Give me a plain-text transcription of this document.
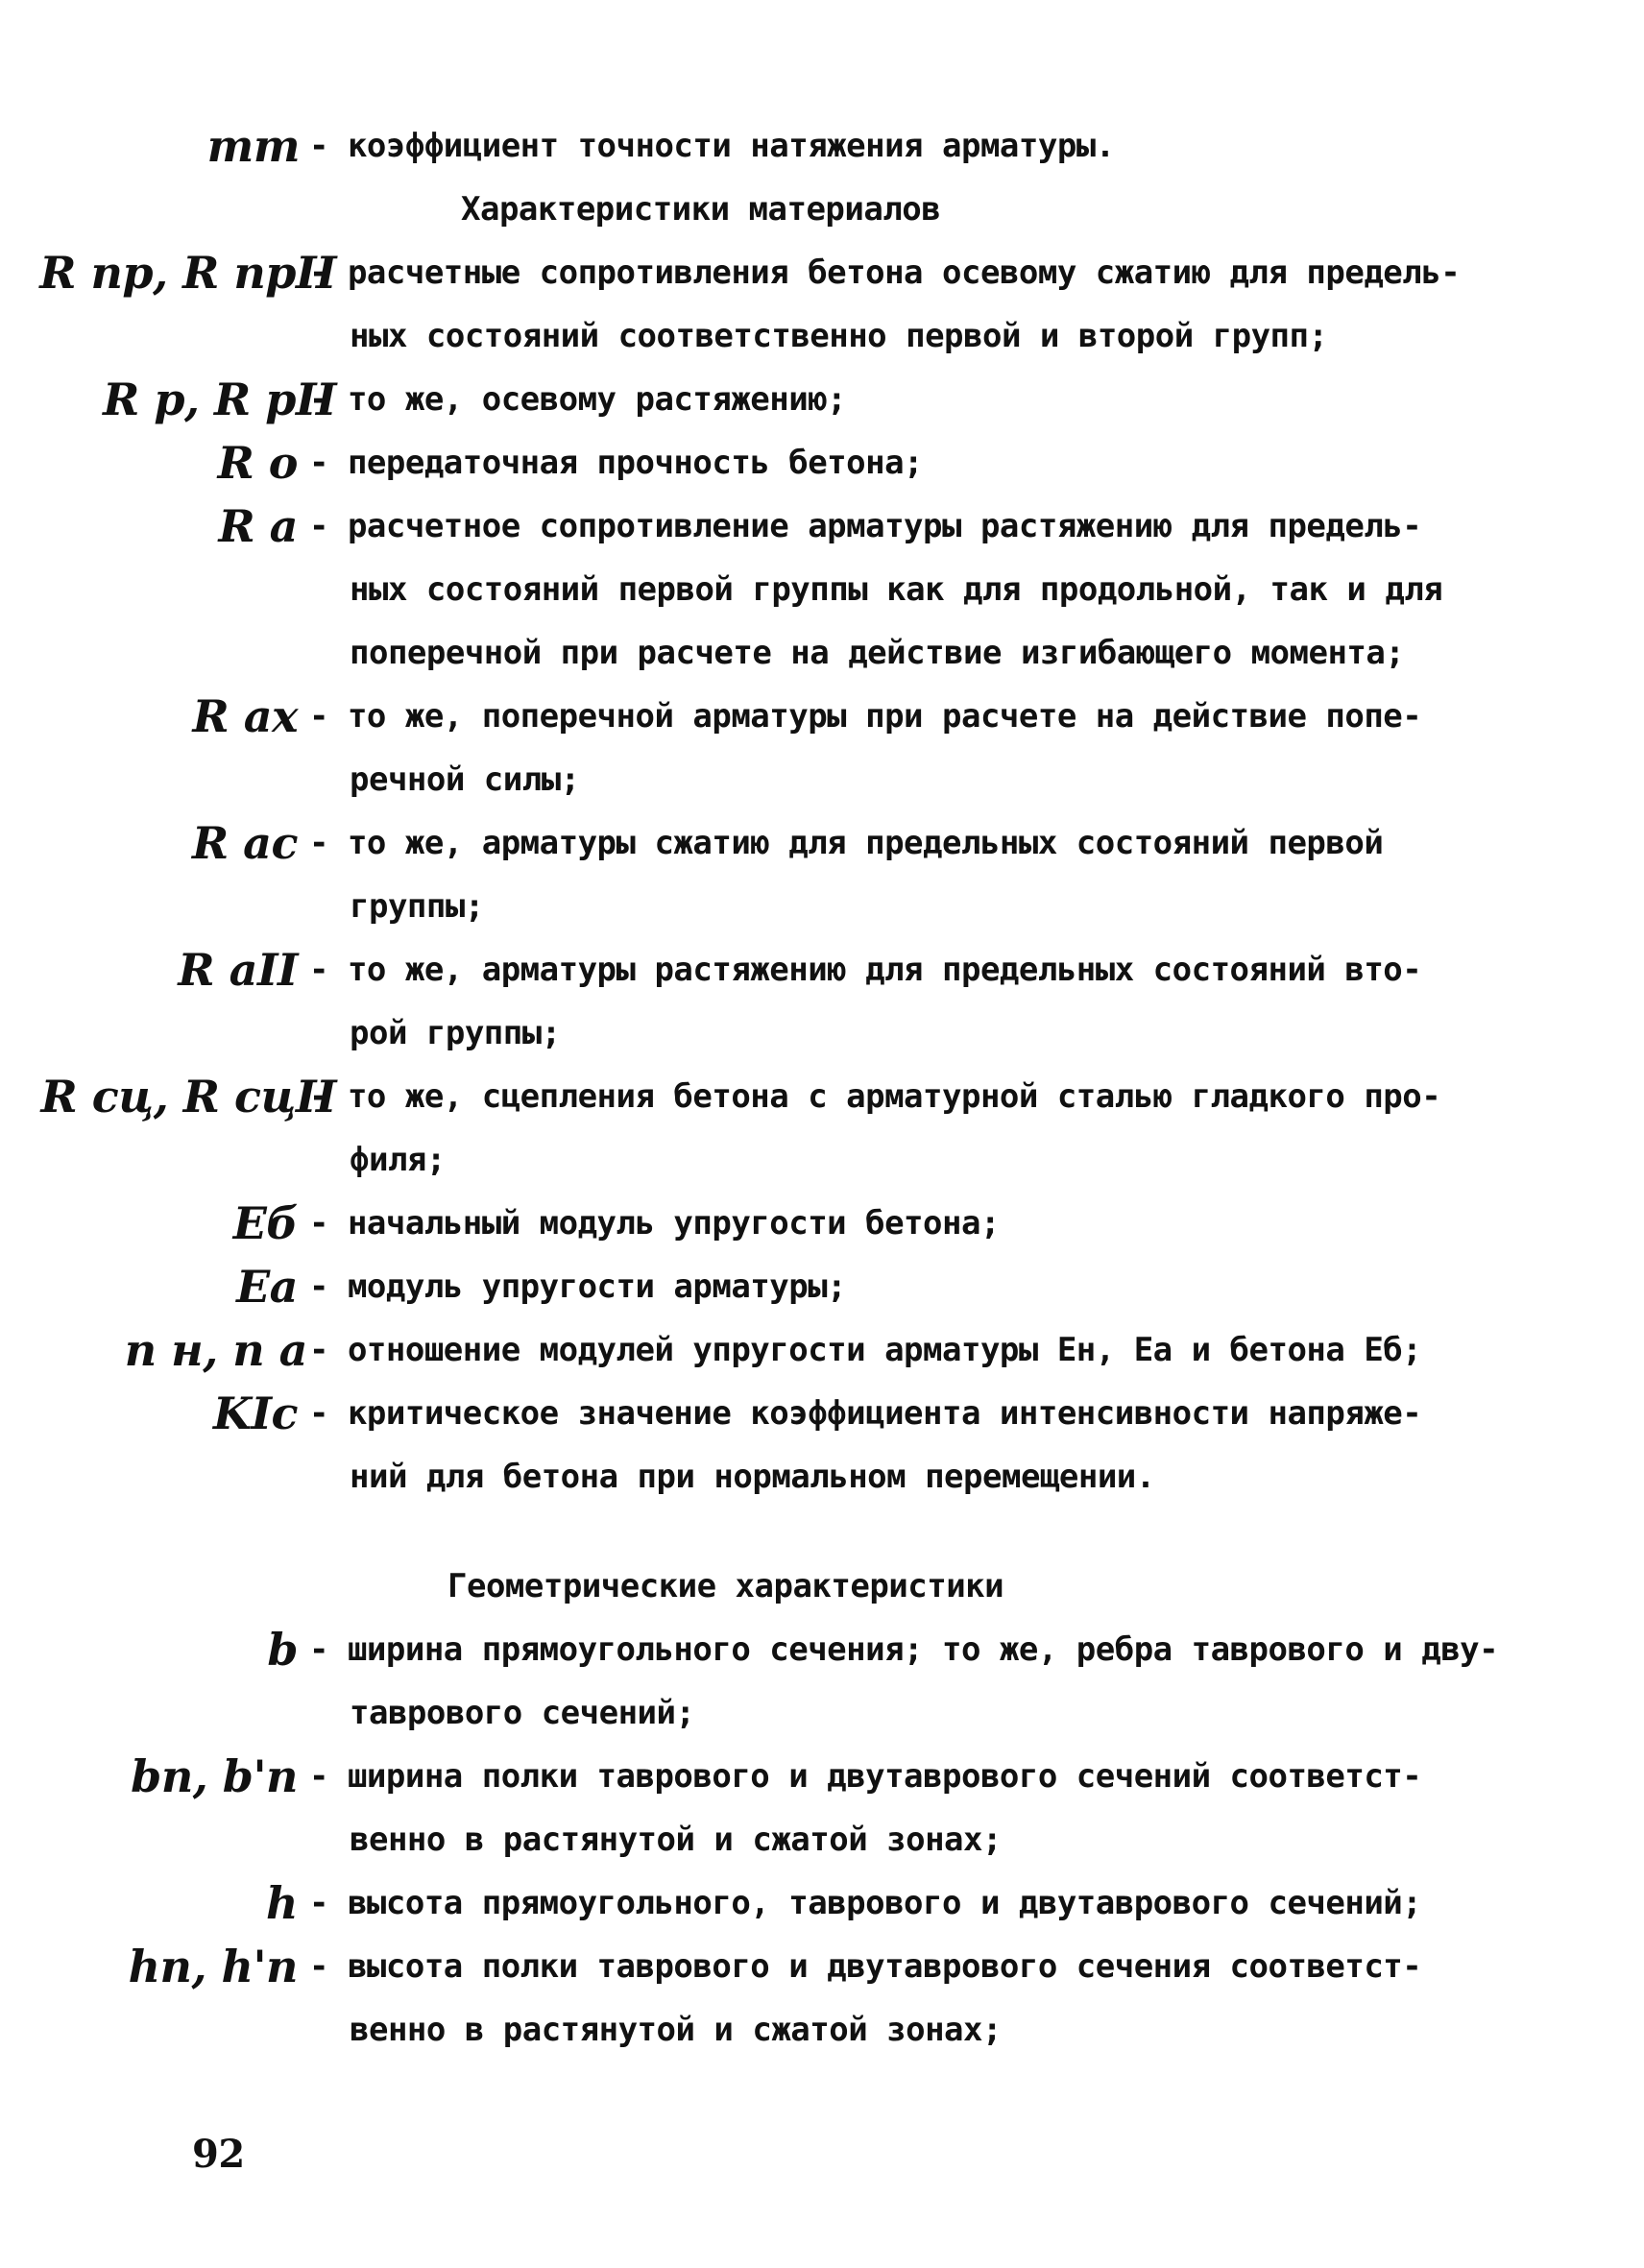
mт - коэффициент точности натяжения арматуры.
Характеристики материалов
R пр, R прII
- расчетные сопротивления бетона осевому сжатию для предель-
ных состояний соответственно первой и второй групп;
R р, R рII
- то же, осевому растяжению;
R о - передаточная прочность бетона;
R а - расчетное сопротивление арматуры растяжению для предель-
ных состояний первой группы как для продольной, так и для
поперечной при расчете на действие изгибающего момента;
R ах - то же, поперечной арматуры при расчете на действие попе-
речной силы;
R ас - то же, арматуры сжатию для предельных состояний первой
группы;
R аII - то же, арматуры растяжению для предельных состояний вто-
рой группы;
R сц, R сцII
- то же, сцепления бетона с арматурной сталью гладкого про-
филя;
Eб - начальный модуль упругости бетона;
Eа - модуль упругости арматуры;
n н, n а - отношение модулей упругости арматуры Eн, Eа и бетона Eб;
KIc - критическое значение коэффициента интенсивности напряже-
ний для бетона при нормальном перемещении.
Геометрические характеристики
b - ширина прямоугольного сечения; то же, ребра таврового и дву-
таврового сечений;
bп, b'п - ширина полки таврового и двутаврового сечений соответст-
венно в растянутой и сжатой зонах;
h - высота прямоугольного, таврового и двутаврового сечений;
hп, h'п - высота полки таврового и двутаврового сечения соответст-
венно в растянутой и сжатой зонах;
92
